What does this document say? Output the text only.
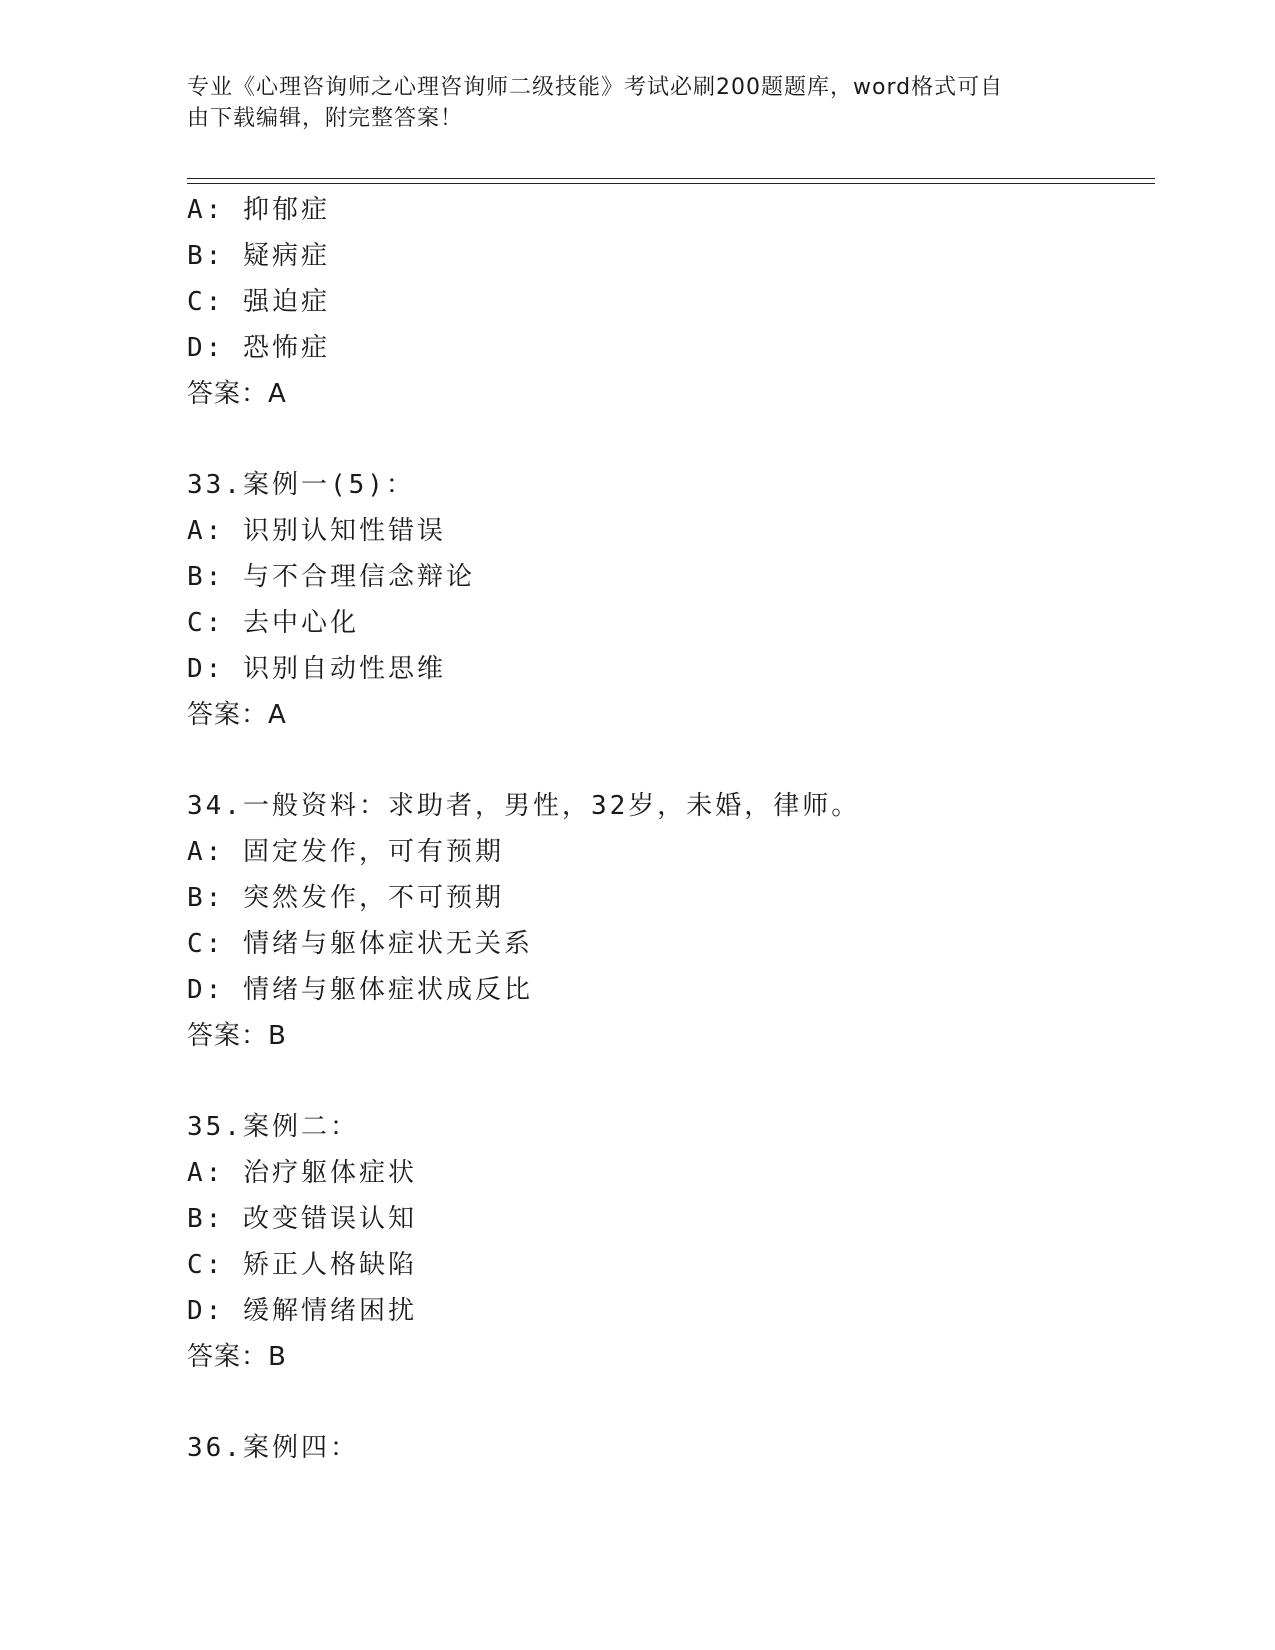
专业《心理咨询师之心理咨询师二级技能》考试必刷200题题库，word格式可自
由下载编辑，附完整答案！
A: 抑郁症
B: 疑病症
C: 强迫症
D: 恐怖症
答案：A
33.案例一(5)：
A: 识别认知性错误
B: 与不合理信念辩论
C: 去中心化
D: 识别自动性思维
答案：A
34.一般资料：求助者，男性，32岁，未婚，律师。
A: 固定发作，可有预期
B: 突然发作，不可预期
C: 情绪与躯体症状无关系
D: 情绪与躯体症状成反比
答案：B
35.案例二：
A: 治疗躯体症状
B: 改变错误认知
C: 矫正人格缺陷
D: 缓解情绪困扰
答案：B
36.案例四：
